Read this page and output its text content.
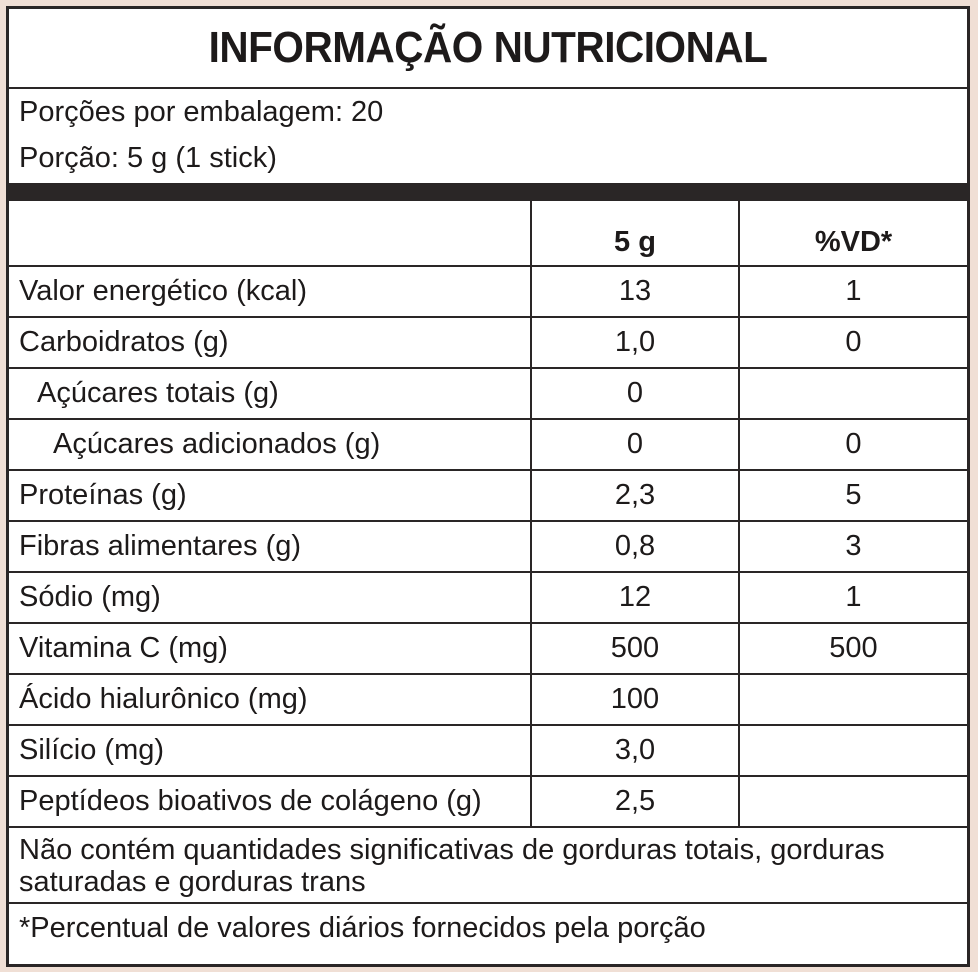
INFORMAÇÃO NUTRICIONAL
Porções por embalagem: 20
Porção: 5 g (1 stick)
	5 g	%VD*
Valor energético (kcal)	13	1
Carboidratos (g)	1,0	0
Açúcares totais (g)	0	
Açúcares adicionados (g)	0	0
Proteínas (g)	2,3	5
Fibras alimentares (g)	0,8	3
Sódio (mg)	12	1
Vitamina C (mg)	500	500
Ácido hialurônico (mg)	100	
Silício (mg)	3,0	
Peptídeos bioativos de colágeno (g)	2,5	
Não contém quantidades significativas de gorduras totais, gorduras saturadas e gorduras trans
*Percentual de valores diários fornecidos pela porção
